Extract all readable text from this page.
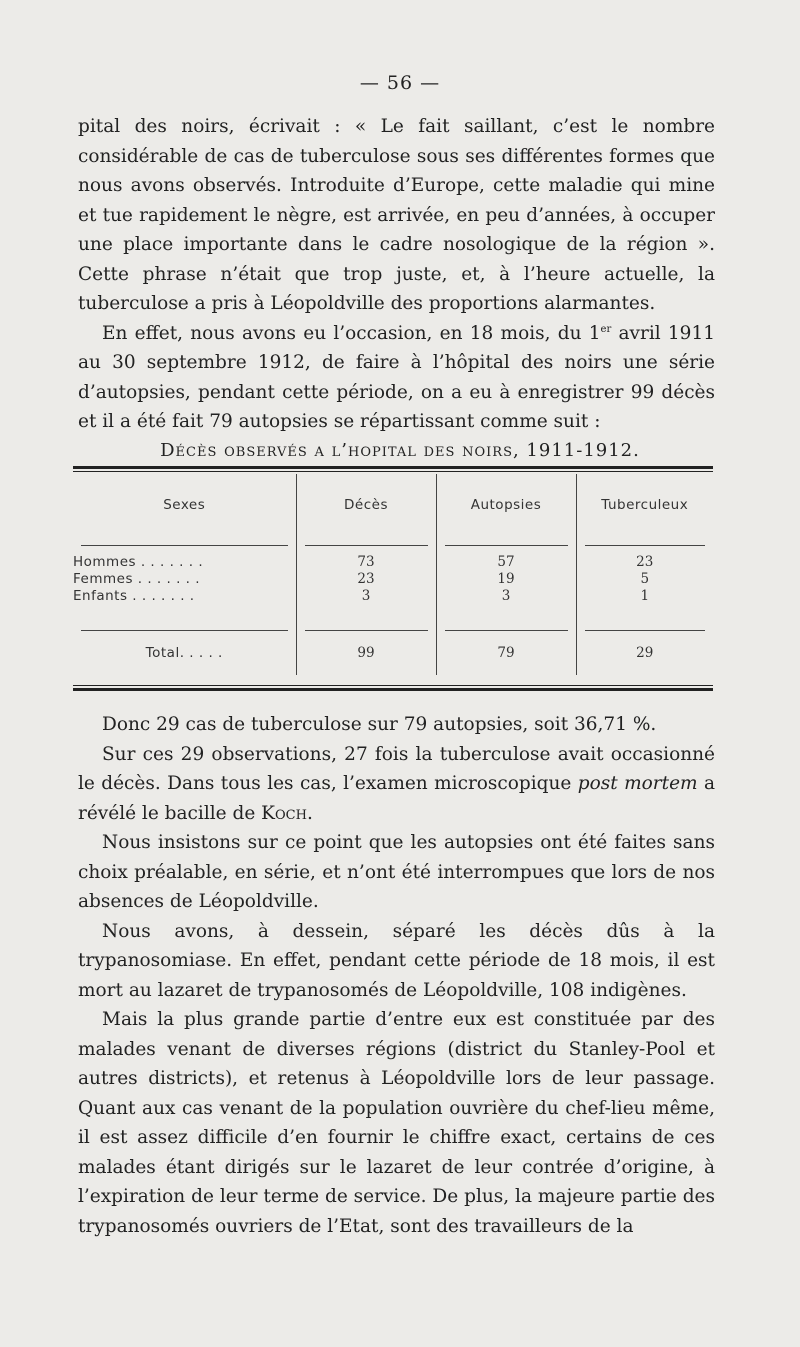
— 56 —

pital des noirs, écrivait : « Le fait saillant, c’est le nombre considérable de cas de tuberculose sous ses différentes formes que nous avons observés. Introduite d’Europe, cette maladie qui mine et tue rapidement le nègre, est arrivée, en peu d’années, à occuper une place importante dans le cadre nosologique de la région ». Cette phrase n’était que trop juste, et, à l’heure actuelle, la tuberculose a pris à Léopoldville des proportions alarmantes.

En effet, nous avons eu l’occasion, en 18 mois, du 1er avril 1911 au 30 septembre 1912, de faire à l’hôpital des noirs une série d’autopsies, pendant cette période, on a eu à enregistrer 99 décès et il a été fait 79 autopsies se répartissant comme suit :

Décès observés a l’hopital des noirs, 1911-1912.
Sexes	Décès	Autopsies	Tuberculeux

Hommes . . . . . . .	73	57	23
Femmes . . . . . . .	23	19	5
Enfants . . . . . . .	3	3	1

Total. . . . .	99	79	29

Donc 29 cas de tuberculose sur 79 autopsies, soit 36,71 %.

Sur ces 29 observations, 27 fois la tuberculose avait occasionné le décès. Dans tous les cas, l’examen microscopique post mortem a révélé le bacille de Koch.

Nous insistons sur ce point que les autopsies ont été faites sans choix préalable, en série, et n’ont été interrompues que lors de nos absences de Léopoldville.

Nous avons, à dessein, séparé les décès dûs à la trypanosomiase. En effet, pendant cette période de 18 mois, il est mort au lazaret de trypanosomés de Léopoldville, 108 indigènes.

Mais la plus grande partie d’entre eux est constituée par des malades venant de diverses régions (district du Stanley-Pool et autres districts), et retenus à Léopoldville lors de leur passage. Quant aux cas venant de la population ouvrière du chef-lieu même, il est assez difficile d’en fournir le chiffre exact, certains de ces malades étant dirigés sur le lazaret de leur contrée d’origine, à l’expiration de leur terme de service. De plus, la majeure partie des trypanosomés ouvriers de l’Etat, sont des travailleurs de la
